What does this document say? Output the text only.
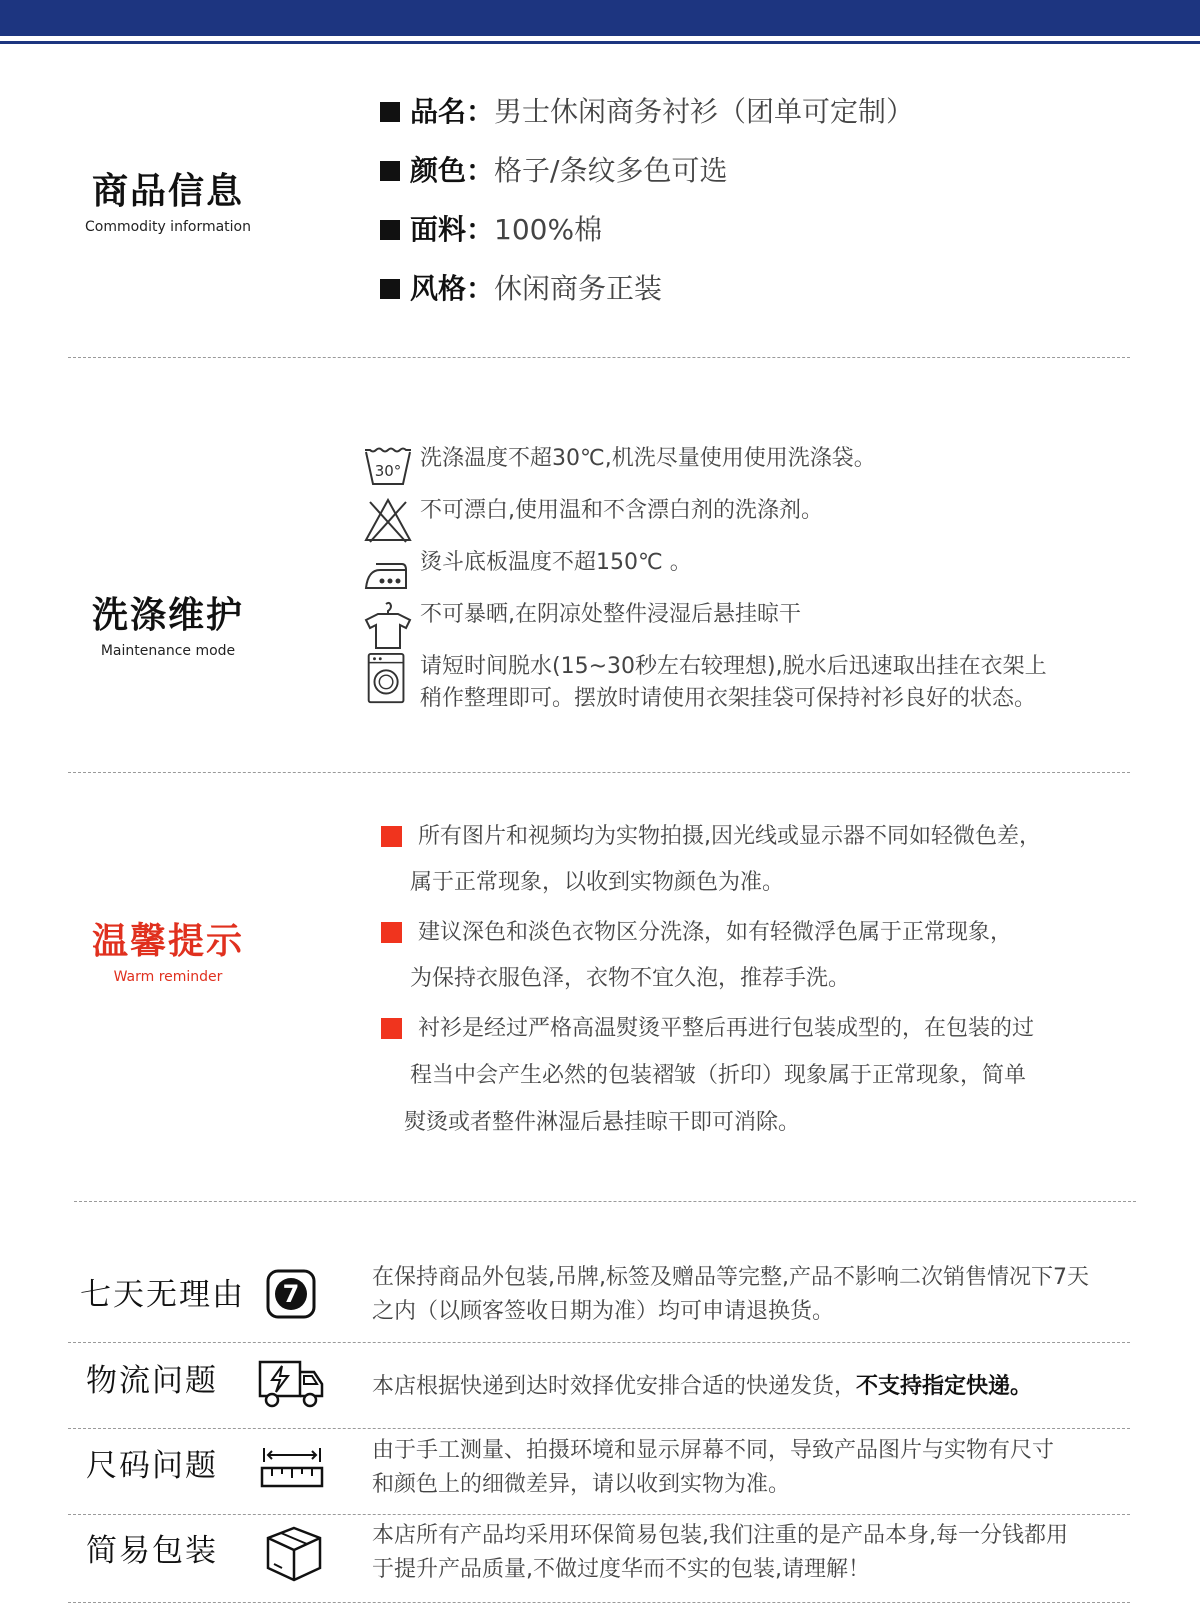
商品信息
Commodity information
品名：男士休闲商务衬衫（团单可定制）
颜色：格子/条纹多色可选
面料：100%棉
风格：休闲商务正装
洗涤维护
Maintenance mode
30° 洗涤温度不超30℃,机洗尽量使用使用洗涤袋。
不可漂白,使用温和不含漂白剂的洗涤剂。
烫斗底板温度不超150℃ 。
不可暴晒,在阴凉处整件浸湿后悬挂晾干
请短时间脱水(15~30秒左右较理想),脱水后迅速取出挂在衣架上
稍作整理即可。摆放时请使用衣架挂袋可保持衬衫良好的状态。
温馨提示
Warm reminder
所有图片和视频均为实物拍摄,因光线或显示器不同如轻微色差，
属于正常现象，以收到实物颜色为准。
建议深色和淡色衣物区分洗涤，如有轻微浮色属于正常现象，
为保持衣服色泽，衣物不宜久泡，推荐手洗。
衬衫是经过严格高温熨烫平整后再进行包装成型的，在包装的过
程当中会产生必然的包装褶皱（折印）现象属于正常现象，简单
熨烫或者整件淋湿后悬挂晾干即可消除。
七天无理由 7
在保持商品外包装,吊牌,标签及赠品等完整,产品不影响二次销售情况下7天
之内（以顾客签收日期为准）均可申请退换货。
物流问题	本店根据快递到达时效择优安排合适的快递发货，不支持指定快递。
尺码问题	由于手工测量、拍摄环境和显示屏幕不同，导致产品图片与实物有尺寸
和颜色上的细微差异，请以收到实物为准。
简易包装	本店所有产品均采用环保简易包装,我们注重的是产品本身,每一分钱都用
于提升产品质量,不做过度华而不实的包装,请理解！
